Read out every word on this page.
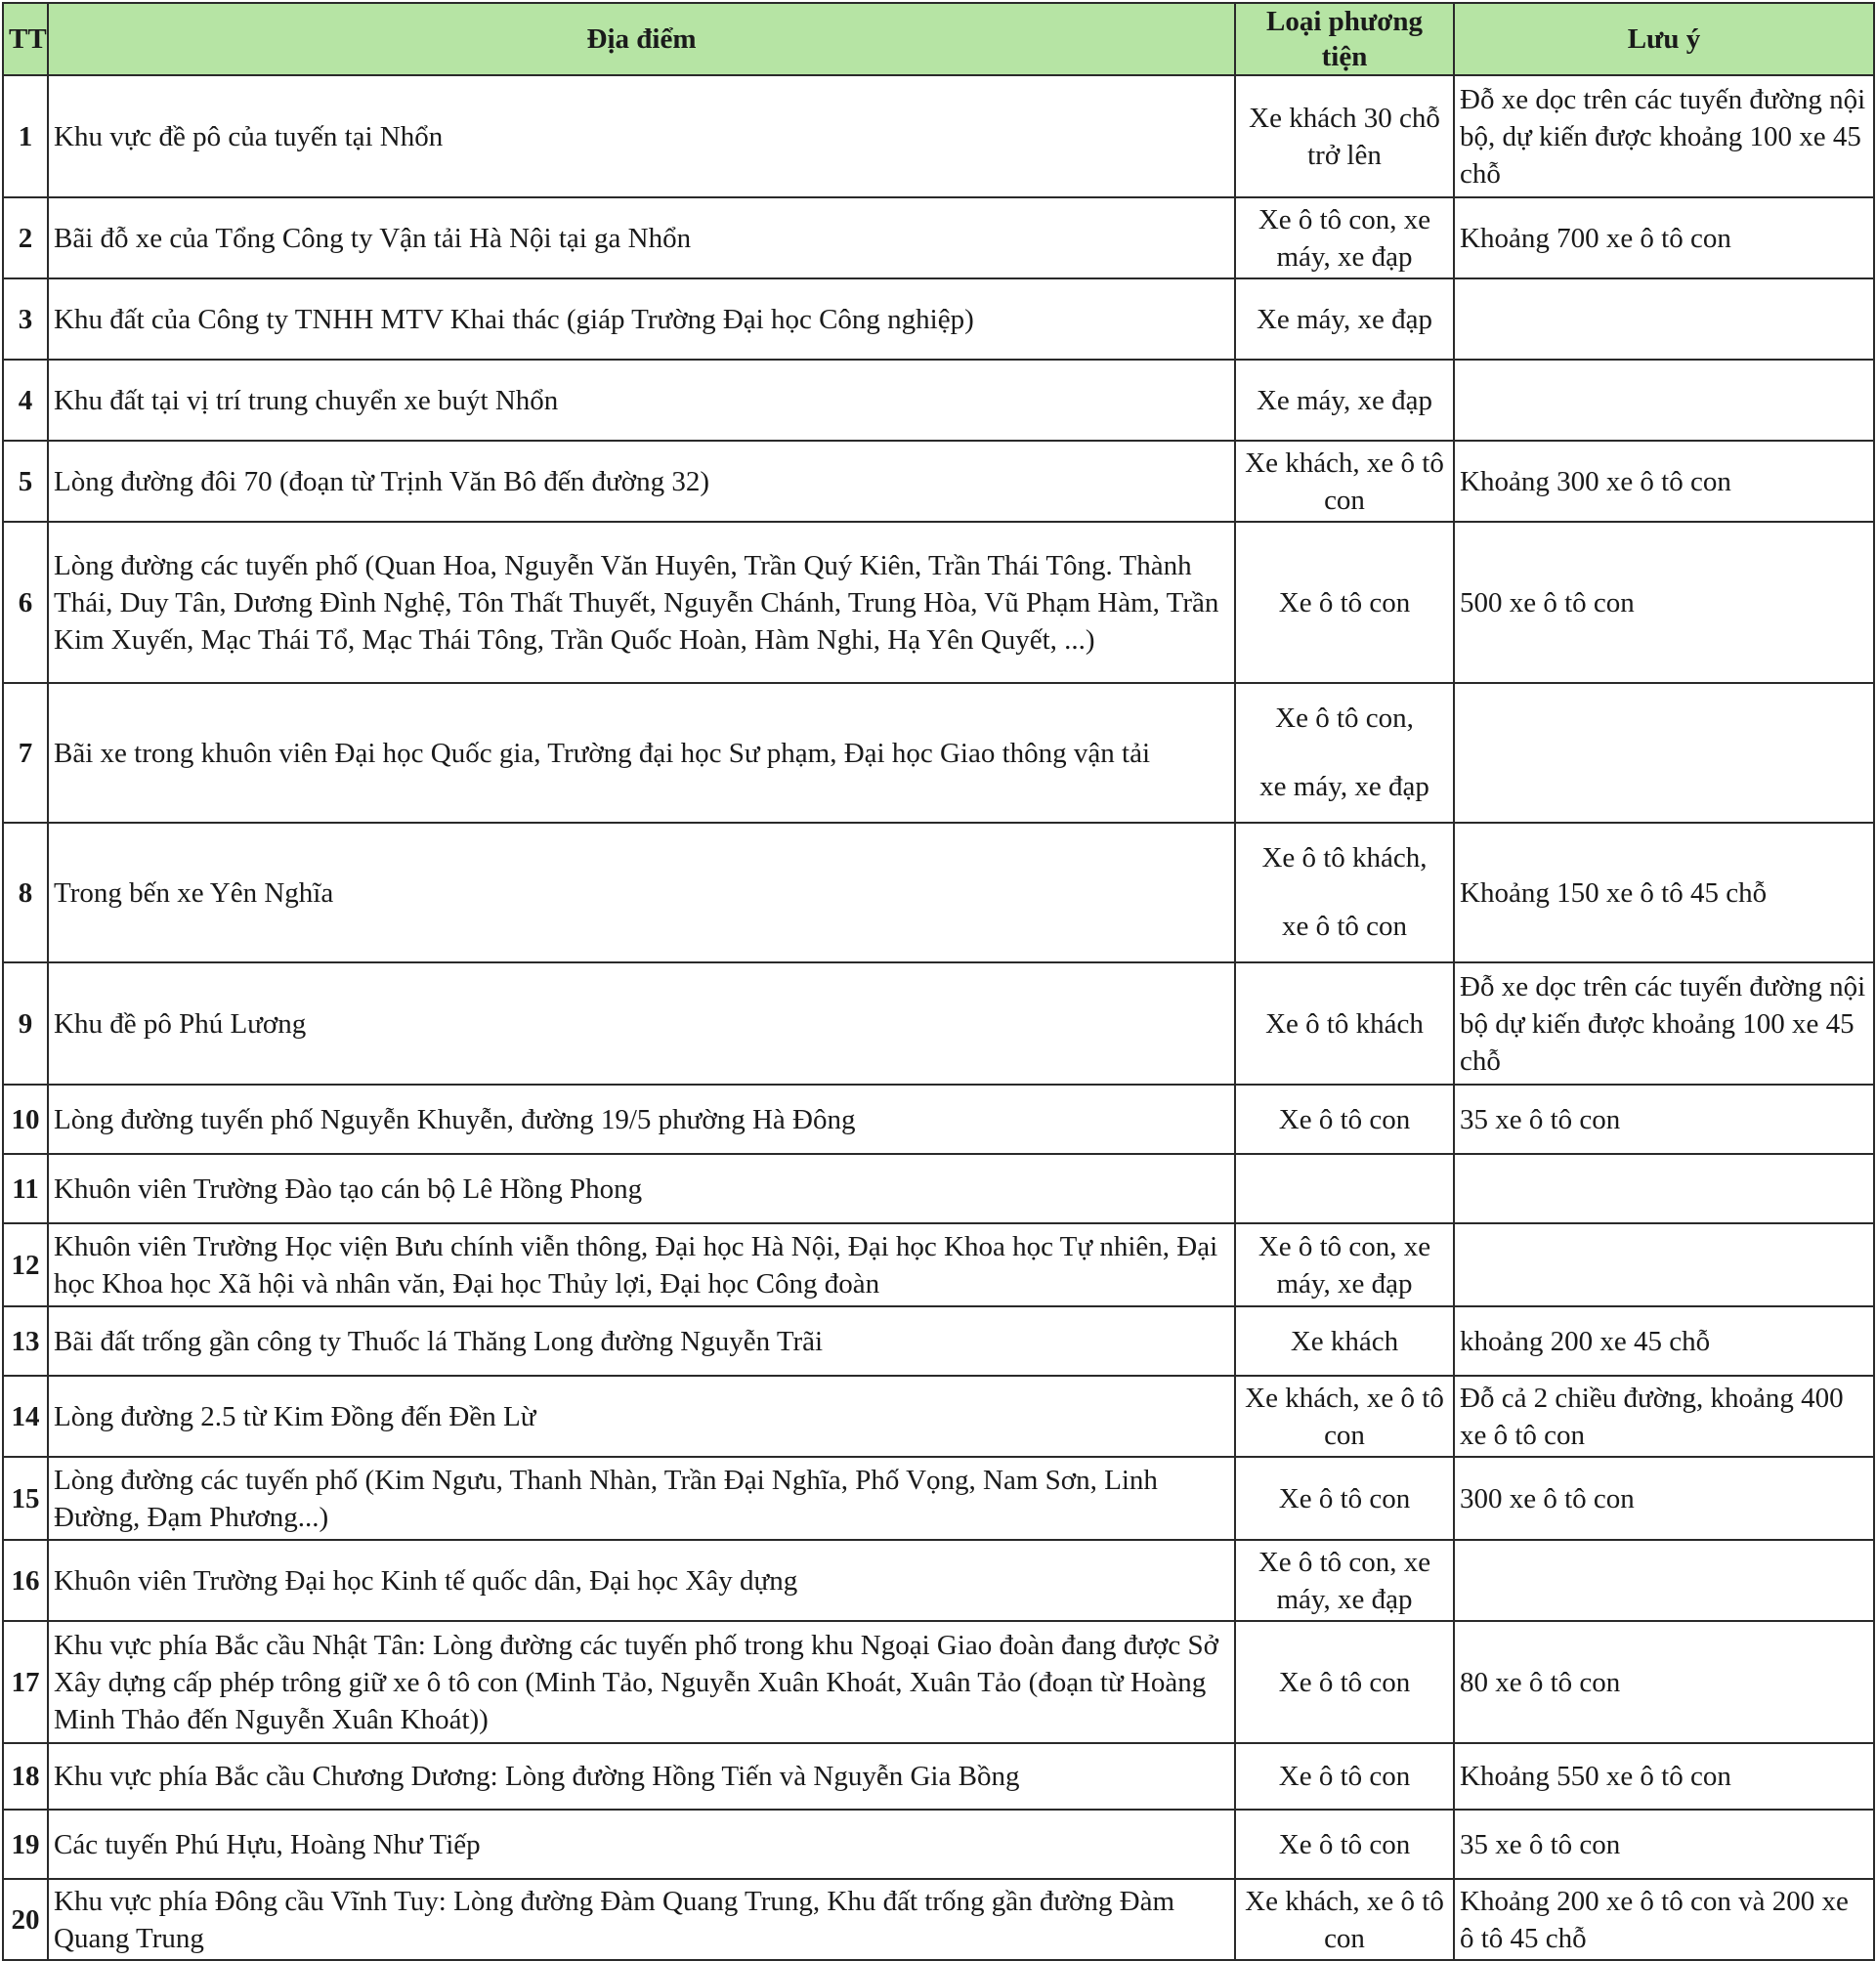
TT	Địa điểm	Loại phương tiện	Lưu ý
1	Khu vực đề pô của tuyến tại Nhổn	Xe khách 30 chỗ trở lên	Đỗ xe dọc trên các tuyến đường nội bộ, dự kiến được khoảng 100 xe 45 chỗ
2	Bãi đỗ xe của Tổng Công ty Vận tải Hà Nội tại ga Nhổn	Xe ô tô con, xe máy, xe đạp	Khoảng 700 xe ô tô con
3	Khu đất của Công ty TNHH MTV Khai thác (giáp Trường Đại học Công nghiệp)	Xe máy, xe đạp	
4	Khu đất tại vị trí trung chuyển xe buýt Nhổn	Xe máy, xe đạp	
5	Lòng đường đôi 70 (đoạn từ Trịnh Văn Bô đến đường 32)	Xe khách, xe ô tô con	Khoảng 300 xe ô tô con
6	Lòng đường các tuyến phố (Quan Hoa, Nguyễn Văn Huyên, Trần Quý Kiên, Trần Thái Tông. Thành Thái, Duy Tân, Dương Đình Nghệ, Tôn Thất Thuyết, Nguyễn Chánh, Trung Hòa, Vũ Phạm Hàm, Trần Kim Xuyến, Mạc Thái Tổ, Mạc Thái Tông, Trần Quốc Hoàn, Hàm Nghi, Hạ Yên Quyết, ...)	Xe ô tô con	500 xe ô tô con
7	Bãi xe trong khuôn viên Đại học Quốc gia, Trường đại học Sư phạm, Đại học Giao thông vận tải	Xe ô tô con,

xe máy, xe đạp	
8	Trong bến xe Yên Nghĩa	Xe ô tô khách,

xe ô tô con	Khoảng 150 xe ô tô 45 chỗ
9	Khu đề pô Phú Lương	Xe ô tô khách	Đỗ xe dọc trên các tuyến đường nội bộ dự kiến được khoảng 100 xe 45 chỗ
10	Lòng đường tuyến phố Nguyễn Khuyễn, đường 19/5 phường Hà Đông	Xe ô tô con	35 xe ô tô con
11	Khuôn viên Trường Đào tạo cán bộ Lê Hồng Phong		
12	Khuôn viên Trường Học viện Bưu chính viễn thông, Đại học Hà Nội, Đại học Khoa học Tự nhiên, Đại học Khoa học Xã hội và nhân văn, Đại học Thủy lợi, Đại học Công đoàn	Xe ô tô con, xe máy, xe đạp	
13	Bãi đất trống gần công ty Thuốc lá Thăng Long đường Nguyễn Trãi	Xe khách	khoảng 200 xe 45 chỗ
14	Lòng đường 2.5 từ Kim Đồng đến Đền Lừ	Xe khách, xe ô tô con	Đỗ cả 2 chiều đường, khoảng 400 xe ô tô con
15	Lòng đường các tuyến phố (Kim Ngưu, Thanh Nhàn, Trần Đại Nghĩa, Phố Vọng, Nam Sơn, Linh Đường, Đạm Phương...)	Xe ô tô con	300 xe ô tô con
16	Khuôn viên Trường Đại học Kinh tế quốc dân, Đại học Xây dựng	Xe ô tô con, xe máy, xe đạp	
17	Khu vực phía Bắc cầu Nhật Tân: Lòng đường các tuyến phố trong khu Ngoại Giao đoàn đang được Sở Xây dựng cấp phép trông giữ xe ô tô con (Minh Tảo, Nguyễn Xuân Khoát, Xuân Tảo (đoạn từ Hoàng Minh Thảo đến Nguyễn Xuân Khoát))	Xe ô tô con	80 xe ô tô con
18	Khu vực phía Bắc cầu Chương Dương: Lòng đường Hồng Tiến và Nguyễn Gia Bồng	Xe ô tô con	Khoảng 550 xe ô tô con
19	Các tuyến Phú Hựu, Hoàng Như Tiếp	Xe ô tô con	35 xe ô tô con
20	Khu vực phía Đông cầu Vĩnh Tuy: Lòng đường Đàm Quang Trung, Khu đất trống gần đường Đàm Quang Trung	Xe khách, xe ô tô con	Khoảng 200 xe ô tô con và 200 xe ô tô 45 chỗ
